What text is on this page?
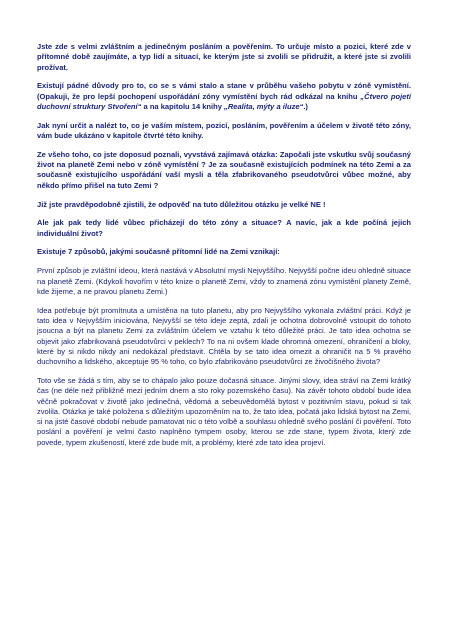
Jste zde s velmi zvláštním a jedinečným posláním a pověřením. To určuje místo a pozici, které zde v přítomné době zaujímáte, a typ lidí a situací, ke kterým jste si zvolili se přidružit, a které jste si zvolili prožívat.

Existují pádné důvody pro to, co se s vámi stalo a stane v průběhu vašeho pobytu v zóně vymístění. (Opakuji, že pro lepší pochopení uspořádání zóny vymístění bych rád odkázal na knihu „Čtvero pojetí duchovní struktury Stvoření“ a na kapitolu 14 knihy „Realita, mýty a iluze“.)

Jak nyní určit a nalézt to, co je vaším místem, pozicí, posláním, pověřením a účelem v životě této zóny, vám bude ukázáno v kapitole čtvrté této knihy.

Ze všeho toho, co jste doposud poznali, vyvstává zajímavá otázka: Započali jste vskutku svůj současný život na planetě Zemi nebo v zóně vymístění ? Je za současně existujících podmínek na této Zemi a za současně existujícího uspořádání vaší mysli a těla zfabrikovaného pseudotvůrci vůbec možné, aby někdo přímo přišel na tuto Zemi ?

Již jste pravděpodobně zjistili, že odpověď na tuto důležitou otázku je velké NE !

Ale jak pak tedy lidé vůbec přicházejí do této zóny a situace? A navíc, jak a kde počíná jejich individuální život?

Existuje 7 způsobů, jakými současně přítomní lidé na Zemi vznikají:

První způsob je zvláštní ideou, která nastává v Absolutní mysli Nejvyššího. Nejvyšší počne ideu ohledně situace na planetě Zemi. (Kdykoli hovořím v této knize o planetě Zemi, vždy to znamená zónu vymístění planety Země, kde žijeme, a ne pravou planetu Zemi.)

Idea potřebuje být promítnuta a umístěna na tuto planetu, aby pro Nejvyššího vykonala zvláštní práci. Když je tato idea v Nejvyšším iniciována, Nejvyšší se této ideje zeptá, zdali je ochotna dobrovolně vstoupit do tohoto jsoucna a být na planetu Zemi za zvláštním účelem ve vztahu k této důležité práci. Je tato idea ochotna se objevit jako zfabrikovaná pseudotvůrci v peklech? To na ni ovšem klade ohromná omezení, ohraničení a bloky, které by si nikdo nikdy ani nedokázal představit. Chtěla by se tato idea omezit a ohraničit na 5 % pravého duchovního a lidského, akceptuje 95 % toho, co bylo zfabrikováno pseudotvůrci ze živočišného života?

Toto vše se žádá s tím, aby se to chápalo jako pouze dočasná situace. Jinými slovy, idea stráví na Zemi krátký čas (ne déle než přibližně mezi jedním dnem a sto roky pozemského času). Na závěr tohoto období bude idea věčně pokračovat v životě jako jedinečná, vědomá a sebeuvědomělá bytost v pozitivním stavu, pokud si tak zvolila. Otázka je také položena s důležitým upozorněním na to, že tato idea, počatá jako lidská bytost na Zemi, si na jisté časové období nebude pamatovat nic o této volbě a souhlasu ohledně svého poslání či pověření. Toto poslání a pověření je velmi často naplněno tympem osoby, kterou se zde stane, typem života, který zde povede, typem zkušeností, které zde bude mít, a problémy, které zde tato idea projeví.
